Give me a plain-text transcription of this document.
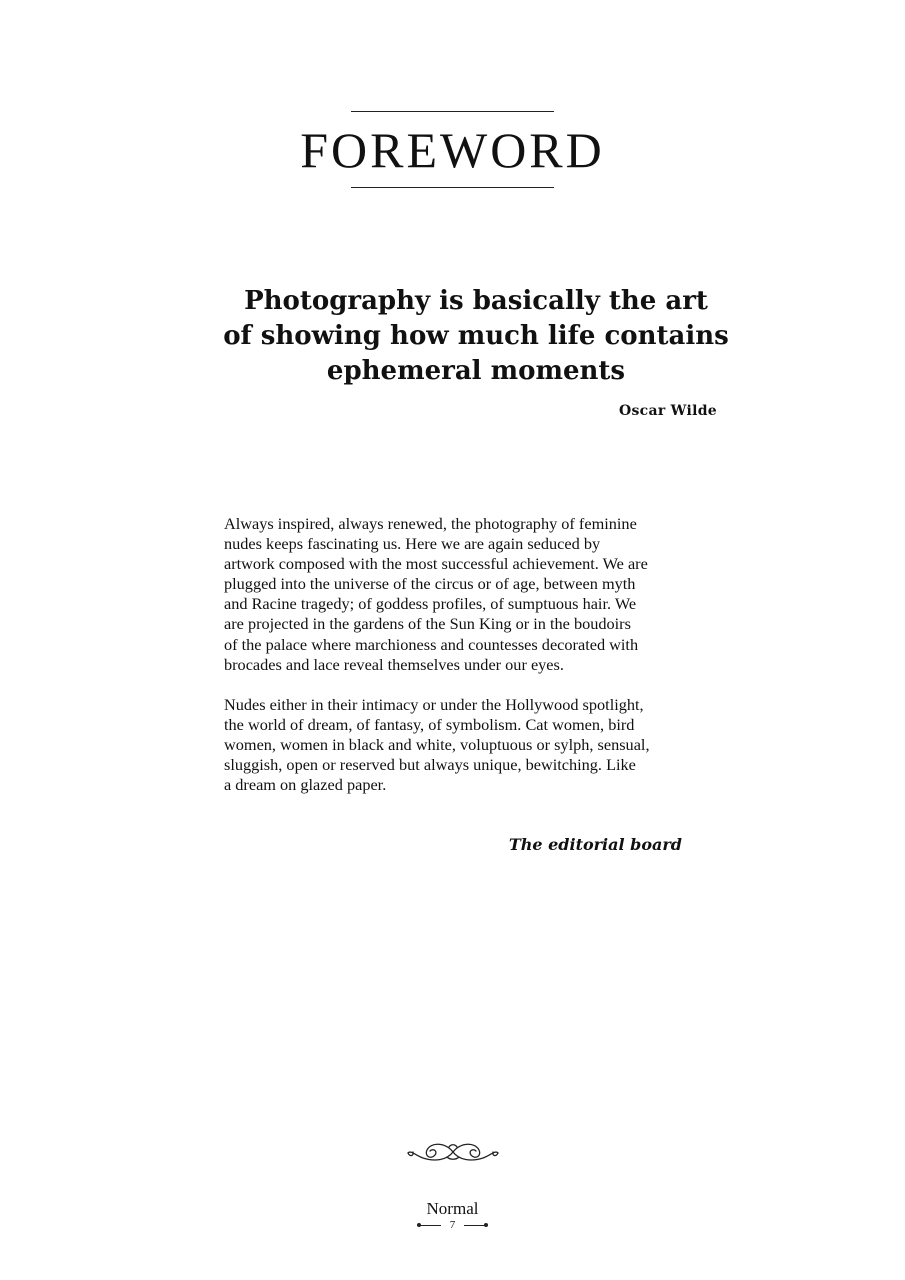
FOREWORD
Photography is basically the art
of showing how much life contains
ephemeral moments
Oscar Wilde
Always inspired, always renewed, the photography of feminine
nudes keeps fascinating us. Here we are again seduced by
artwork composed with the most successful achievement. We are
plugged into the universe of the circus or of age, between myth
and Racine tragedy; of goddess profiles, of sumptuous hair. We
are projected in the gardens of the Sun King or in the boudoirs
of the palace where marchioness and countesses decorated with
brocades and lace reveal themselves under our eyes.
Nudes either in their intimacy or under the Hollywood spotlight,
the world of dream, of fantasy, of symbolism. Cat women, bird
women, women in black and white, voluptuous or sylph, sensual,
sluggish, open or reserved but always unique, bewitching. Like
a dream on glazed paper.
The editorial board
Normal
7
